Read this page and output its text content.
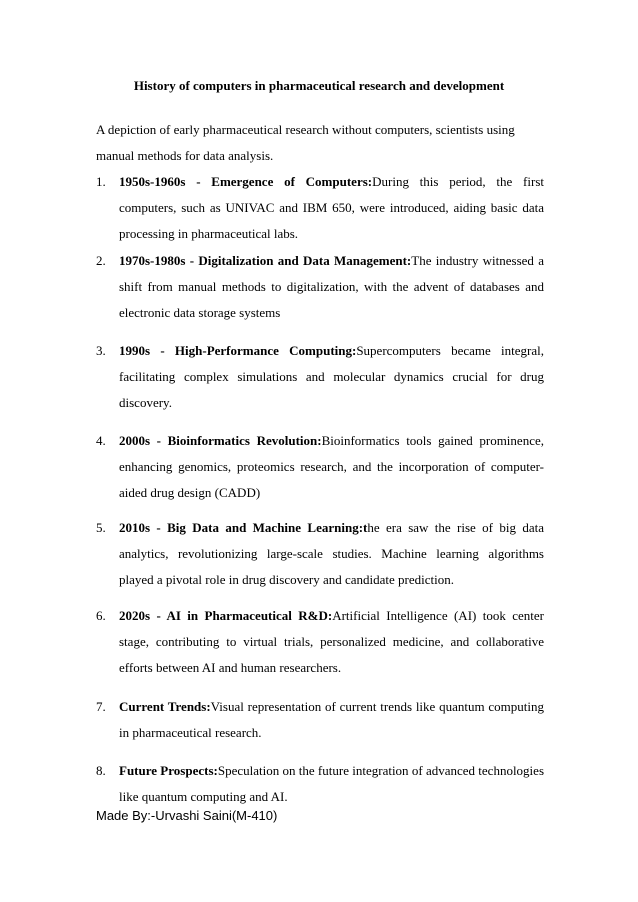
History of computers in pharmaceutical research and development
A depiction of early pharmaceutical research without computers, scientists using manual methods for data analysis.
1.	1950s-1960s - Emergence of Computers:During this period, the first computers, such as UNIVAC and IBM 650, were introduced, aiding basic data processing in pharmaceutical labs.
2.	1970s-1980s - Digitalization and Data Management:The industry witnessed a shift from manual methods to digitalization, with the advent of databases and electronic data storage systems
3.	1990s - High-Performance Computing:Supercomputers became integral, facilitating complex simulations and molecular dynamics crucial for drug discovery.
4.	2000s - Bioinformatics Revolution:Bioinformatics tools gained prominence, enhancing genomics, proteomics research, and the incorporation of computer-aided drug design (CADD)
5.	2010s - Big Data and Machine Learning:the era saw the rise of big data analytics, revolutionizing large-scale studies. Machine learning algorithms played a pivotal role in drug discovery and candidate prediction.
6.	2020s - AI in Pharmaceutical R&D:Artificial Intelligence (AI) took center stage, contributing to virtual trials, personalized medicine, and collaborative efforts between AI and human researchers.
7.	Current Trends:Visual representation of current trends like quantum computing in pharmaceutical research.
8.	Future Prospects:Speculation on the future integration of advanced technologies like quantum computing and AI.
Made By:-Urvashi Saini(M-410)
